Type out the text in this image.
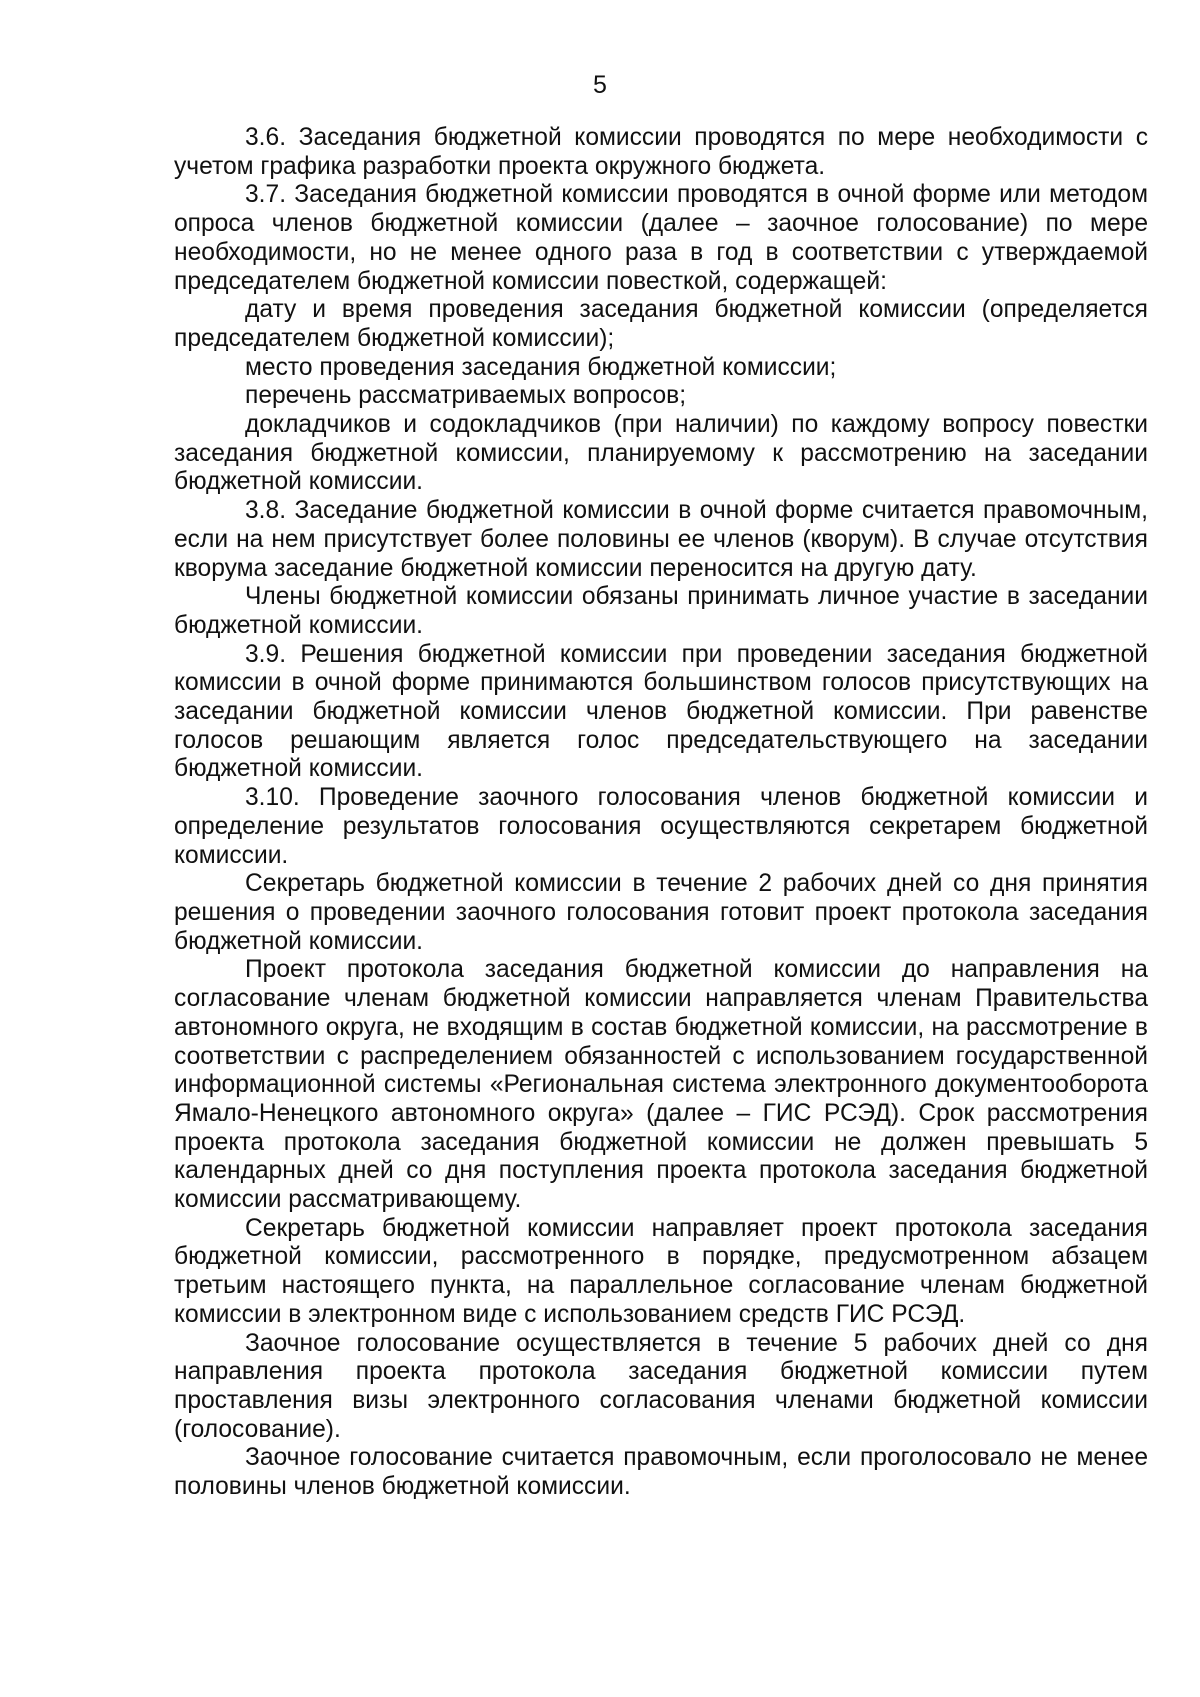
5

3.6. Заседания бюджетной комиссии проводятся по мере необходимости с учетом графика разработки проекта окружного бюджета.

3.7. Заседания бюджетной комиссии проводятся в очной форме или методом опроса членов бюджетной комиссии (далее – заочное голосование) по мере необходимости, но не менее одного раза в год в соответствии с утверждаемой председателем бюджетной комиссии повесткой, содержащей:

дату и время проведения заседания бюджетной комиссии (определяется председателем бюджетной комиссии);

место проведения заседания бюджетной комиссии;

перечень рассматриваемых вопросов;

докладчиков и содокладчиков (при наличии) по каждому вопросу повестки заседания бюджетной комиссии, планируемому к рассмотрению на заседании бюджетной комиссии.

3.8. Заседание бюджетной комиссии в очной форме считается правомочным, если на нем присутствует более половины ее членов (кворум). В случае отсутствия кворума заседание бюджетной комиссии переносится на другую дату.

Члены бюджетной комиссии обязаны принимать личное участие в заседании бюджетной комиссии.

3.9. Решения бюджетной комиссии при проведении заседания бюджетной комиссии в очной форме принимаются большинством голосов присутствующих на заседании бюджетной комиссии членов бюджетной комиссии. При равенстве голосов решающим является голос председательствующего на заседании бюджетной комиссии.

3.10. Проведение заочного голосования членов бюджетной комиссии и определение результатов голосования осуществляются секретарем бюджетной комиссии.

Секретарь бюджетной комиссии в течение 2 рабочих дней со дня принятия решения о проведении заочного голосования готовит проект протокола заседания бюджетной комиссии.

Проект протокола заседания бюджетной комиссии до направления на согласование членам бюджетной комиссии направляется членам Правительства автономного округа, не входящим в состав бюджетной комиссии, на рассмотрение в соответствии с распределением обязанностей с использованием государственной информационной системы «Региональная система электронного документооборота Ямало-Ненецкого автономного округа» (далее – ГИС РСЭД). Срок рассмотрения проекта протокола заседания бюджетной комиссии не должен превышать 5 календарных дней со дня поступления проекта протокола заседания бюджетной комиссии рассматривающему.

Секретарь бюджетной комиссии направляет проект протокола заседания бюджетной комиссии, рассмотренного в порядке, предусмотренном абзацем третьим настоящего пункта, на параллельное согласование членам бюджетной комиссии в электронном виде с использованием средств ГИС РСЭД.

Заочное голосование осуществляется в течение 5 рабочих дней со дня направления проекта протокола заседания бюджетной комиссии путем проставления визы электронного согласования членами бюджетной комиссии (голосование).

Заочное голосование считается правомочным, если проголосовало не менее половины членов бюджетной комиссии.
